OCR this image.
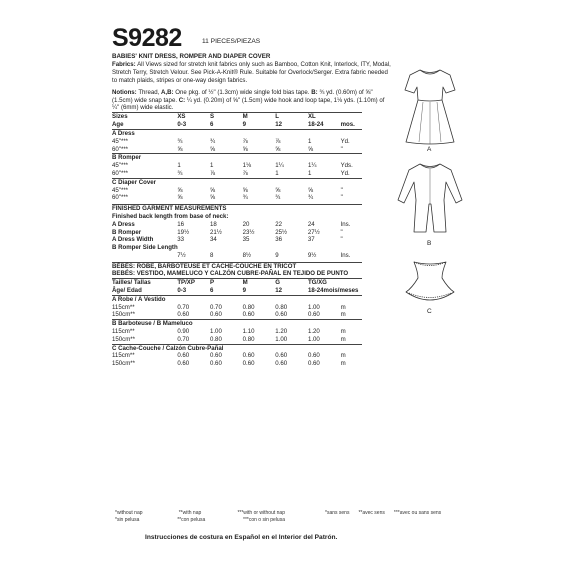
S9282	11 PIECES/PIEZAS
BABIES' KNIT DRESS, ROMPER AND DIAPER COVER
Fabrics: All Views sized for stretch knit fabrics only such as Bamboo, Cotton Knit, Interlock, ITY, Modal, Stretch Terry, Stretch Velour. See Pick-A-Knit® Rule. Suitable for Overlock/Serger. Extra fabric needed to match plaids, stripes or one-way design fabrics.
Notions: Thread, A,B: One pkg. of ½" (1.3cm) wide single fold bias tape. B: ¾ yd. (0.60m) of ⅝" (1.5cm) wide snap tape. C: ¼ yd. (0.20m) of ⅝" (1.5cm) wide hook and loop tape, 1⅛ yds. (1.10m) of ¼" (6mm) wide elastic.
Sizes	XS	S	M	L	XL	
Age	0-3	6	9	12	18-24	mos.
A Dress						
45"***	¾	¾	⅞	⅞	1	Yd.
60"***	⅝	⅝	⅝	⅝	⅝	"
B Romper						
45"***	1	1	1⅛	1¼	1¼	Yds.
60"***	¾	⅞	⅞	1	1	Yd.
C Diaper Cover						
45"***	⅝	⅝	⅝	⅝	⅝	"
60"***	⅝	⅝	¾	¾	¾	"
FINISHED GARMENT MEASUREMENTS						
Finished back length from base of neck:						
A Dress	16	18	20	22	24	Ins.
B Romper	19½	21½	23½	25½	27½	"
A Dress Width	33	34	35	36	37	"
B Romper Side Length						
	7½	8	8½	9	9½	Ins.
BÉBÉS: ROBE, BARBOTEUSE ET CACHE-COUCHE EN TRICOT						
BEBÉS: VESTIDO, MAMELUCO Y CALZÓN CUBRE-PAÑAL EN TEJIDO DE PUNTO						
Tailles/ Tallas	TP/XP	P	M	G	TG/XG	
Âge/ Edad	0-3	6	9	12	18-24mois/meses	
A Robe / A Vestido						
115cm**	0.70	0.70	0.80	0.80	1.00	m
150cm**	0.60	0.60	0.60	0.60	0.60	m
B Barboteuse / B Mameluco						
115cm**	0.90	1.00	1.10	1.20	1.20	m
150cm**	0.70	0.80	0.80	1.00	1.00	m
C Cache-Couche / Calzón Cubre-Pañal						
115cm**	0.60	0.60	0.60	0.60	0.60	m
150cm**	0.60	0.60	0.60	0.60	0.60	m
A
B
C
*without nap	**with nap	***with or without nap
*sin pelusa	**con pelusa	***con o sin pelusa
*sans sens **avec sens ***avec ou sans sens
Instrucciones de costura en Español en el Interior del Patrón.
